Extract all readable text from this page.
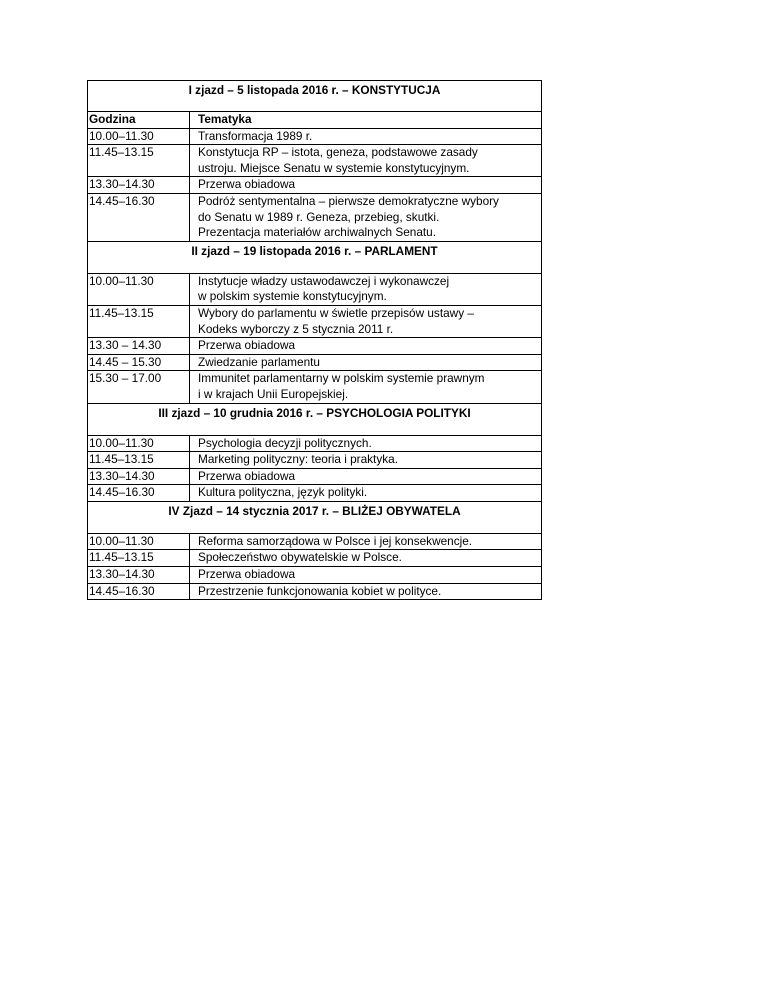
I zjazd – 5 listopada 2016 r. – KONSTYTUCJA
Godzina	Tematyka
10.00–11.30	Transformacja 1989 r.
11.45–13.15	Konstytucja RP – istota, geneza, podstawowe zasady
ustroju. Miejsce Senatu w systemie konstytucyjnym.
13.30–14.30	Przerwa obiadowa
14.45–16.30	Podróż sentymentalna – pierwsze demokratyczne wybory
do Senatu w 1989 r. Geneza, przebieg, skutki.
Prezentacja materiałów archiwalnych Senatu.
II zjazd – 19 listopada 2016 r. – PARLAMENT
10.00–11.30	Instytucje władzy ustawodawczej i wykonawczej
w polskim systemie konstytucyjnym.
11.45–13.15	Wybory do parlamentu w świetle przepisów ustawy –
Kodeks wyborczy z 5 stycznia 2011 r.
13.30 – 14.30	Przerwa obiadowa
14.45 – 15.30	Zwiedzanie parlamentu
15.30 – 17.00	Immunitet parlamentarny w polskim systemie prawnym
i w krajach Unii Europejskiej.
III zjazd – 10 grudnia 2016 r. – PSYCHOLOGIA POLITYKI
10.00–11.30	Psychologia decyzji politycznych.
11.45–13.15	Marketing polityczny: teoria i praktyka.
13.30–14.30	Przerwa obiadowa
14.45–16.30	Kultura polityczna, język polityki.
IV Zjazd – 14 stycznia 2017 r. – BLIŻEJ OBYWATELA
10.00–11.30	Reforma samorządowa w Polsce i jej konsekwencje.
11.45–13.15	Społeczeństwo obywatelskie w Polsce.
13.30–14.30	Przerwa obiadowa
14.45–16.30	Przestrzenie funkcjonowania kobiet w polityce.
